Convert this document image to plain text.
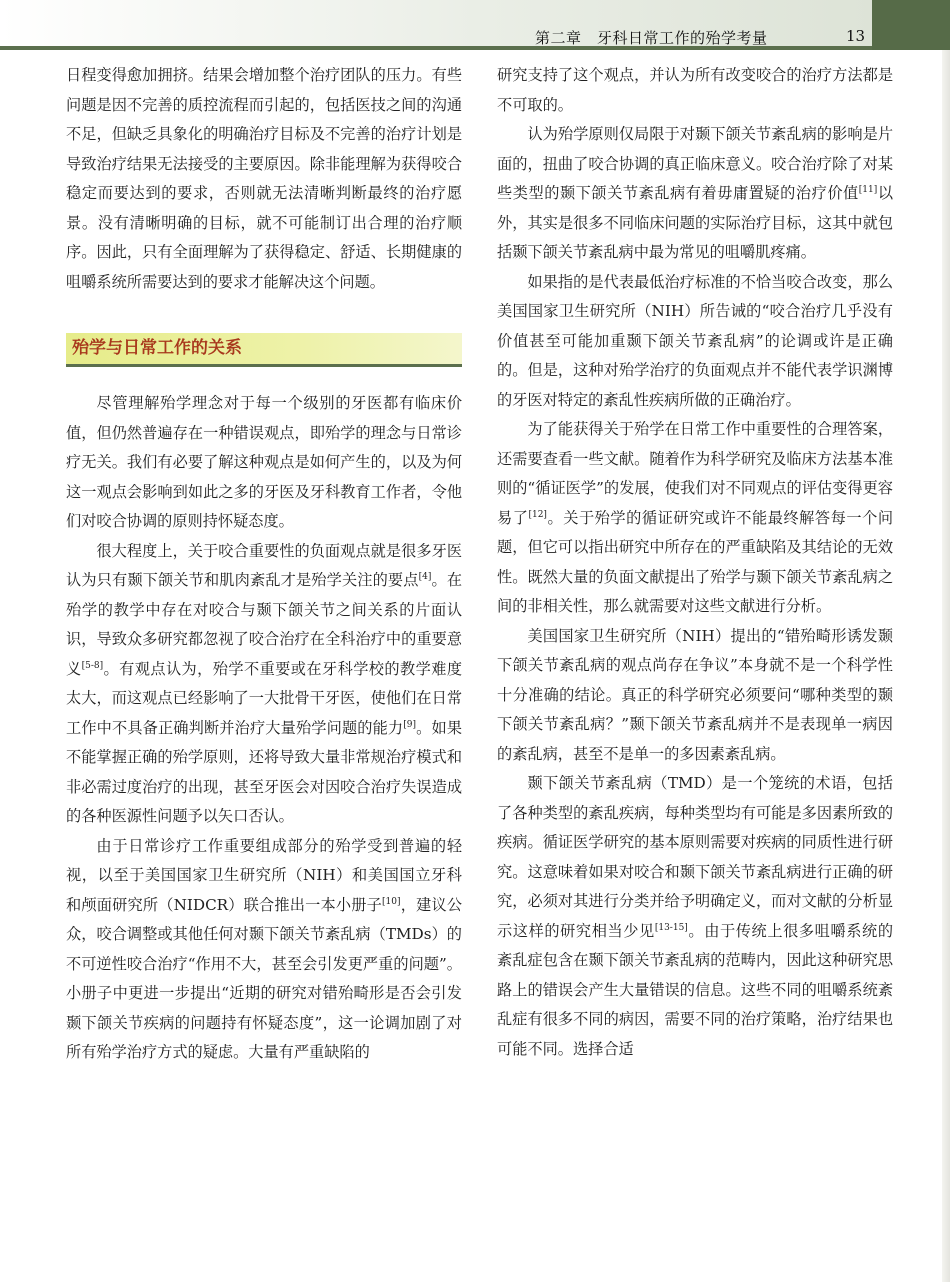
第二章　牙科日常工作的殆学考量	13

日程变得愈加拥挤。结果会增加整个治疗团队的压力。有些问题是因不完善的质控流程而引起的，包括医技之间的沟通不足，但缺乏具象化的明确治疗目标及不完善的治疗计划是导致治疗结果无法接受的主要原因。除非能理解为获得咬合稳定而要达到的要求，否则就无法清晰判断最终的治疗愿景。没有清晰明确的目标，就不可能制订出合理的治疗顺序。因此，只有全面理解为了获得稳定、舒适、长期健康的咀嚼系统所需要达到的要求才能解决这个问题。

殆学与日常工作的关系

尽管理解殆学理念对于每一个级别的牙医都有临床价值，但仍然普遍存在一种错误观点，即殆学的理念与日常诊疗无关。我们有必要了解这种观点是如何产生的，以及为何这一观点会影响到如此之多的牙医及牙科教育工作者，令他们对咬合协调的原则持怀疑态度。

很大程度上，关于咬合重要性的负面观点就是很多牙医认为只有颞下颌关节和肌肉紊乱才是殆学关注的要点[4]。在殆学的教学中存在对咬合与颞下颌关节之间关系的片面认识，导致众多研究都忽视了咬合治疗在全科治疗中的重要意义[5-8]。有观点认为，殆学不重要或在牙科学校的教学难度太大，而这观点已经影响了一大批骨干牙医，使他们在日常工作中不具备正确判断并治疗大量殆学问题的能力[9]。如果不能掌握正确的殆学原则，还将导致大量非常规治疗模式和非必需过度治疗的出现，甚至牙医会对因咬合治疗失误造成的各种医源性问题予以矢口否认。

由于日常诊疗工作重要组成部分的殆学受到普遍的轻视，以至于美国国家卫生研究所（NIH）和美国国立牙科和颅面研究所（NIDCR）联合推出一本小册子[10]，建议公众，咬合调整或其他任何对颞下颌关节紊乱病（TMDs）的不可逆性咬合治疗“作用不大，甚至会引发更严重的问题”。小册子中更进一步提出“近期的研究对错殆畸形是否会引发颞下颌关节疾病的问题持有怀疑态度”，这一论调加剧了对所有殆学治疗方式的疑虑。大量有严重缺陷的

研究支持了这个观点，并认为所有改变咬合的治疗方法都是不可取的。

认为殆学原则仅局限于对颞下颌关节紊乱病的影响是片面的，扭曲了咬合协调的真正临床意义。咬合治疗除了对某些类型的颞下颌关节紊乱病有着毋庸置疑的治疗价值[11]以外，其实是很多不同临床问题的实际治疗目标，这其中就包括颞下颌关节紊乱病中最为常见的咀嚼肌疼痛。

如果指的是代表最低治疗标准的不恰当咬合改变，那么美国国家卫生研究所（NIH）所告诫的“咬合治疗几乎没有价值甚至可能加重颞下颌关节紊乱病”的论调或许是正确的。但是，这种对殆学治疗的负面观点并不能代表学识渊博的牙医对特定的紊乱性疾病所做的正确治疗。

为了能获得关于殆学在日常工作中重要性的合理答案，还需要查看一些文献。随着作为科学研究及临床方法基本准则的“循证医学”的发展，使我们对不同观点的评估变得更容易了[12]。关于殆学的循证研究或许不能最终解答每一个问题，但它可以指出研究中所存在的严重缺陷及其结论的无效性。既然大量的负面文献提出了殆学与颞下颌关节紊乱病之间的非相关性，那么就需要对这些文献进行分析。

美国国家卫生研究所（NIH）提出的“错殆畸形诱发颞下颌关节紊乱病的观点尚存在争议”本身就不是一个科学性十分准确的结论。真正的科学研究必须要问“哪种类型的颞下颌关节紊乱病？”颞下颌关节紊乱病并不是表现单一病因的紊乱病，甚至不是单一的多因素紊乱病。

颞下颌关节紊乱病（TMD）是一个笼统的术语，包括了各种类型的紊乱疾病，每种类型均有可能是多因素所致的疾病。循证医学研究的基本原则需要对疾病的同质性进行研究。这意味着如果对咬合和颞下颌关节紊乱病进行正确的研究，必须对其进行分类并给予明确定义，而对文献的分析显示这样的研究相当少见[13-15]。由于传统上很多咀嚼系统的紊乱症包含在颞下颌关节紊乱病的范畴内，因此这种研究思路上的错误会产生大量错误的信息。这些不同的咀嚼系统紊乱症有很多不同的病因，需要不同的治疗策略，治疗结果也可能不同。选择合适
